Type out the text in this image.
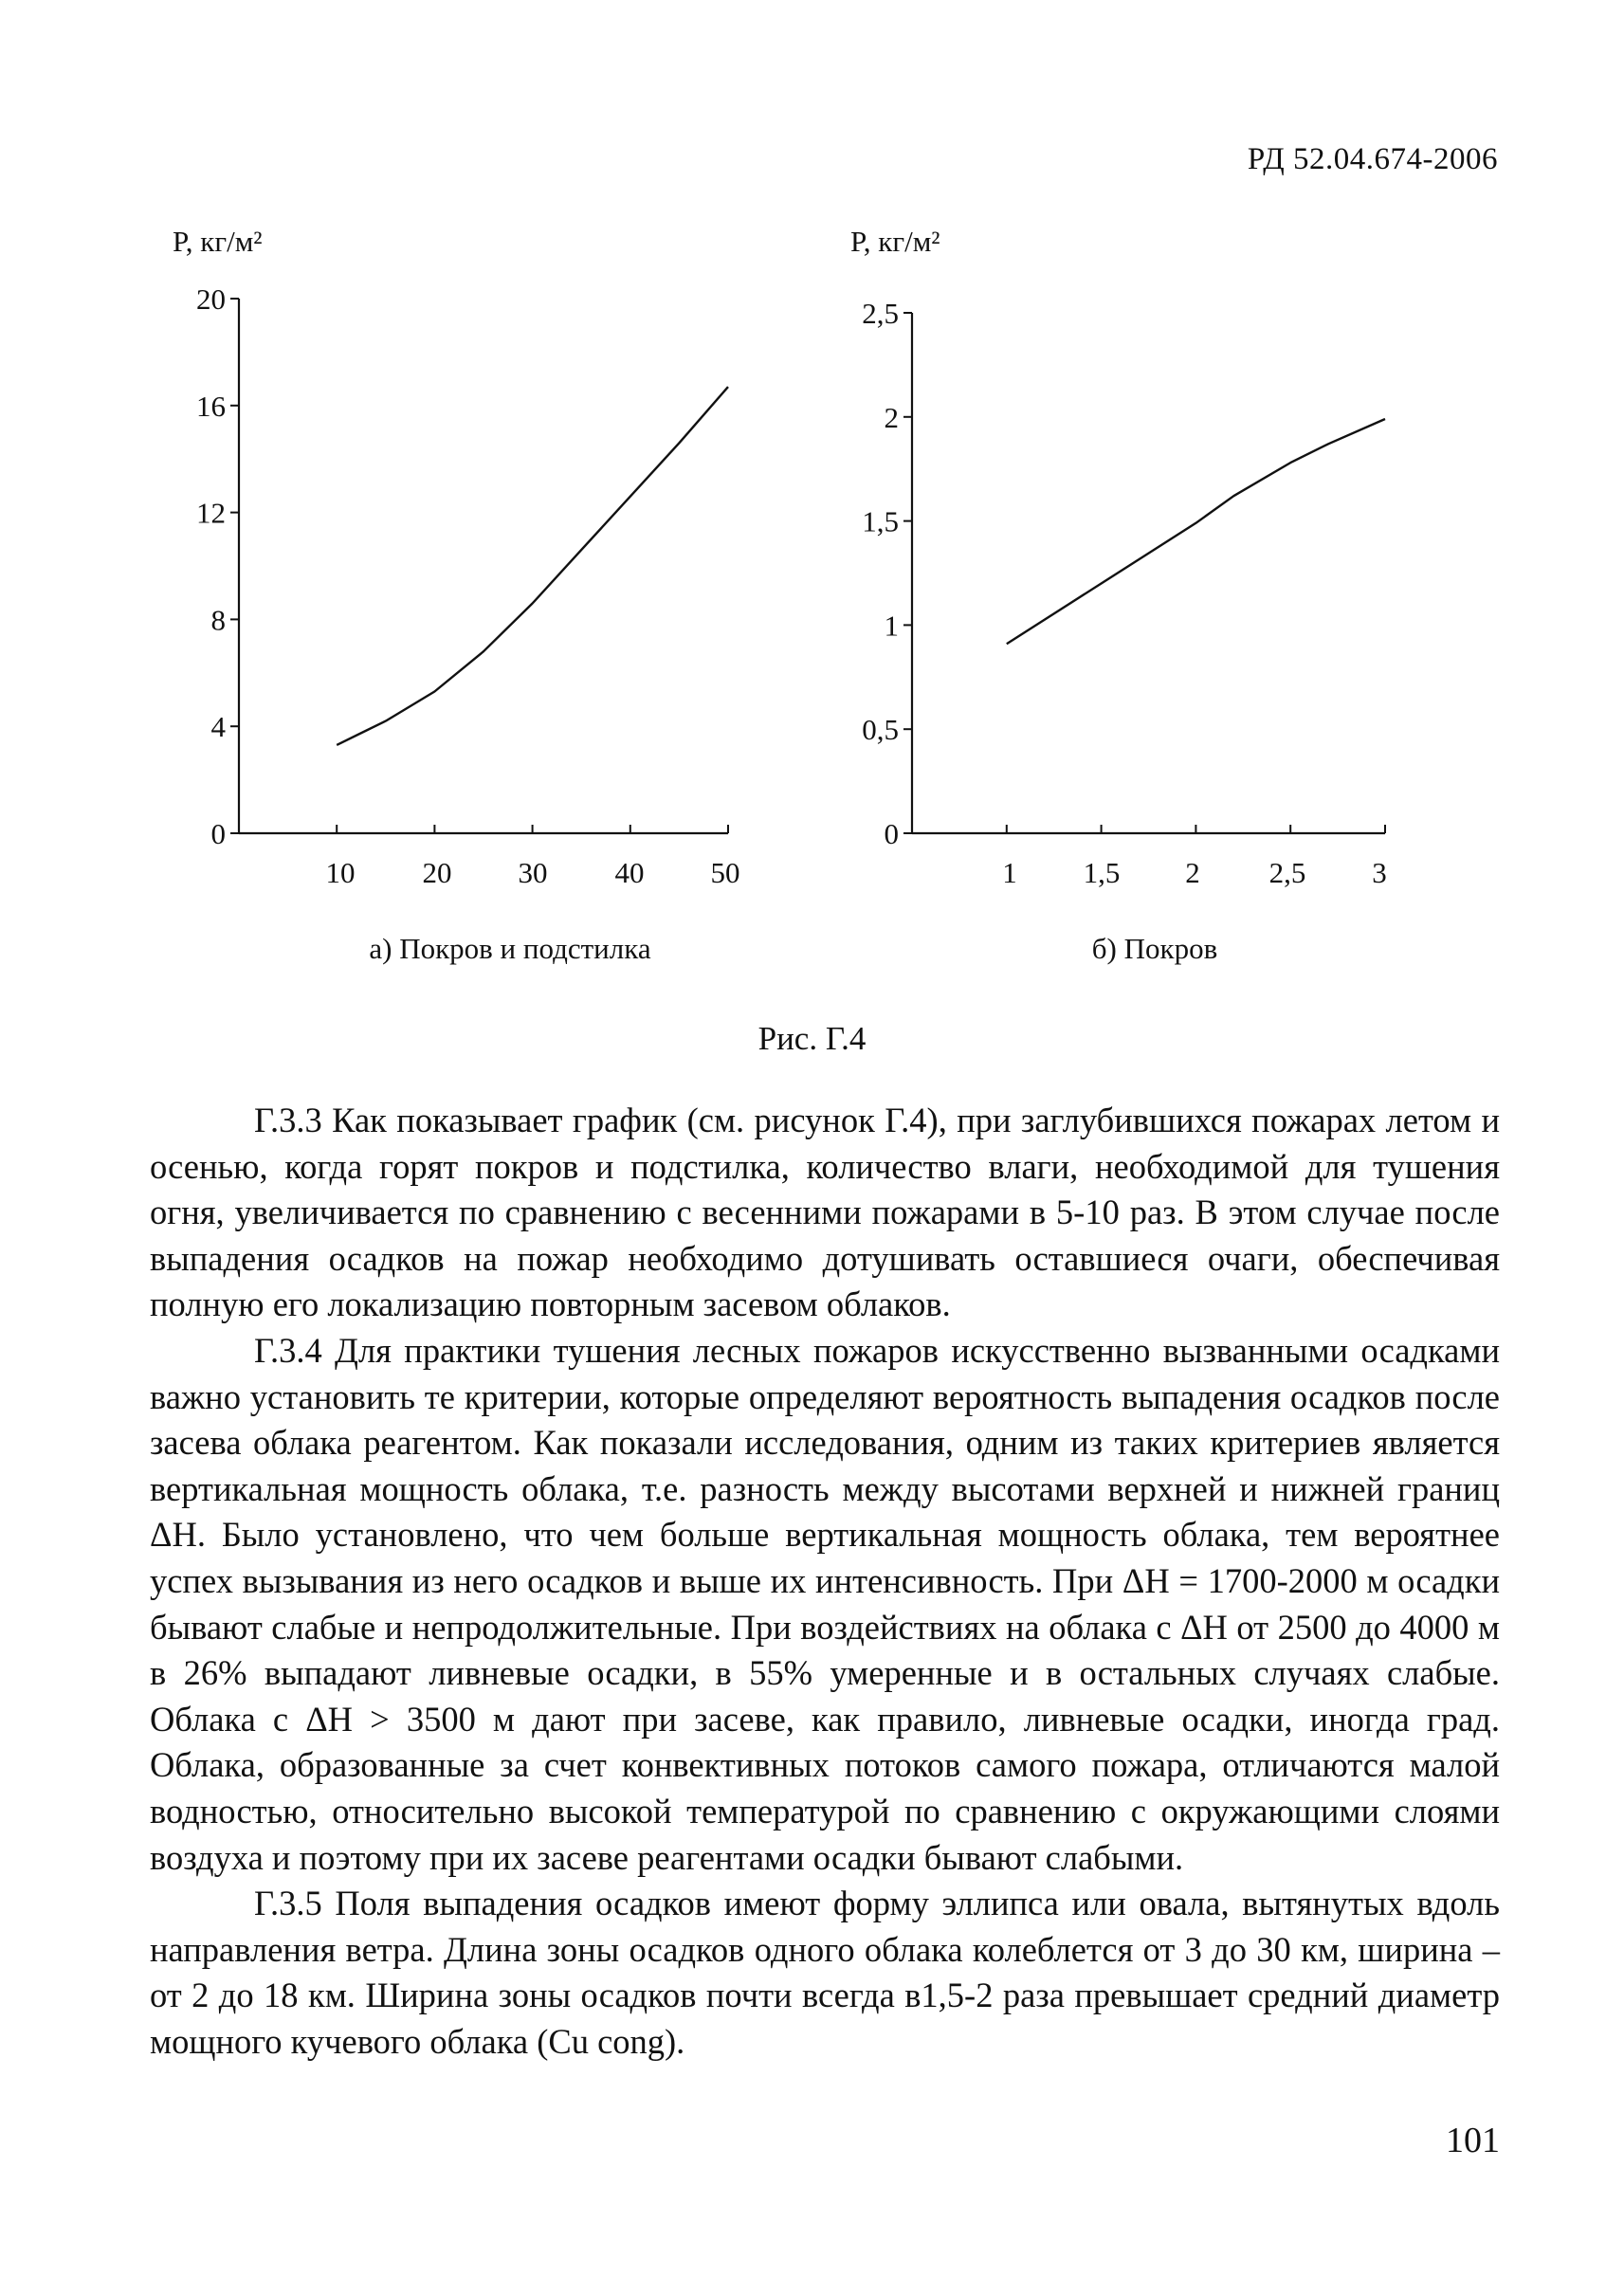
РД 52.04.674-2006
0
4
8
12
16
20
10 20 30 40 50
P, кг/м²
а) Покров и подстилка
0
0,5
1
1,5
2
2,5
1 1,5 2 2,5 3
P, кг/м²
б) Покров
Рис. Г.4

Г.3.3 Как показывает график (см. рисунок Г.4), при заглубившихся пожарах летом и осенью, когда горят покров и подстилка, количество влаги, необходимой для тушения огня, увеличивается по сравнению с весенними пожарами в 5-10 раз. В этом случае после выпадения осадков на пожар необходимо дотушивать оставшиеся очаги, обеспечивая полную его локализацию повторным засевом облаков.

Г.3.4 Для практики тушения лесных пожаров искусственно вызванными осадками важно установить те критерии, которые определяют вероятность выпадения осадков после засева облака реагентом. Как показали исследования, одним из таких критериев является вертикальная мощность облака, т.е. разность между высотами верхней и нижней границ ΔН. Было установлено, что чем больше вертикальная мощность облака, тем вероятнее успех вызывания из него осадков и выше их интенсивность. При ΔН = 1700-2000 м осадки бывают слабые и непродолжительные. При воздействиях на облака с ΔН от 2500 до 4000 м в 26% выпадают ливневые осадки, в 55% умеренные и в остальных случаях слабые. Облака с ΔН > 3500 м дают при засеве, как правило, ливневые осадки, иногда град. Облака, образованные за счет конвективных потоков самого пожара, отличаются малой водностью, относительно высокой температурой по сравнению с окружающими слоями воздуха и поэтому при их засеве реагентами осадки бывают слабыми.

Г.3.5 Поля выпадения осадков имеют форму эллипса или овала, вытянутых вдоль направления ветра. Длина зоны осадков одного облака колеблется от 3 до 30 км, ширина – от 2 до 18 км. Ширина зоны осадков почти всегда в1,5-2 раза превышает средний диаметр мощного кучевого облака (Cu cong).

101
